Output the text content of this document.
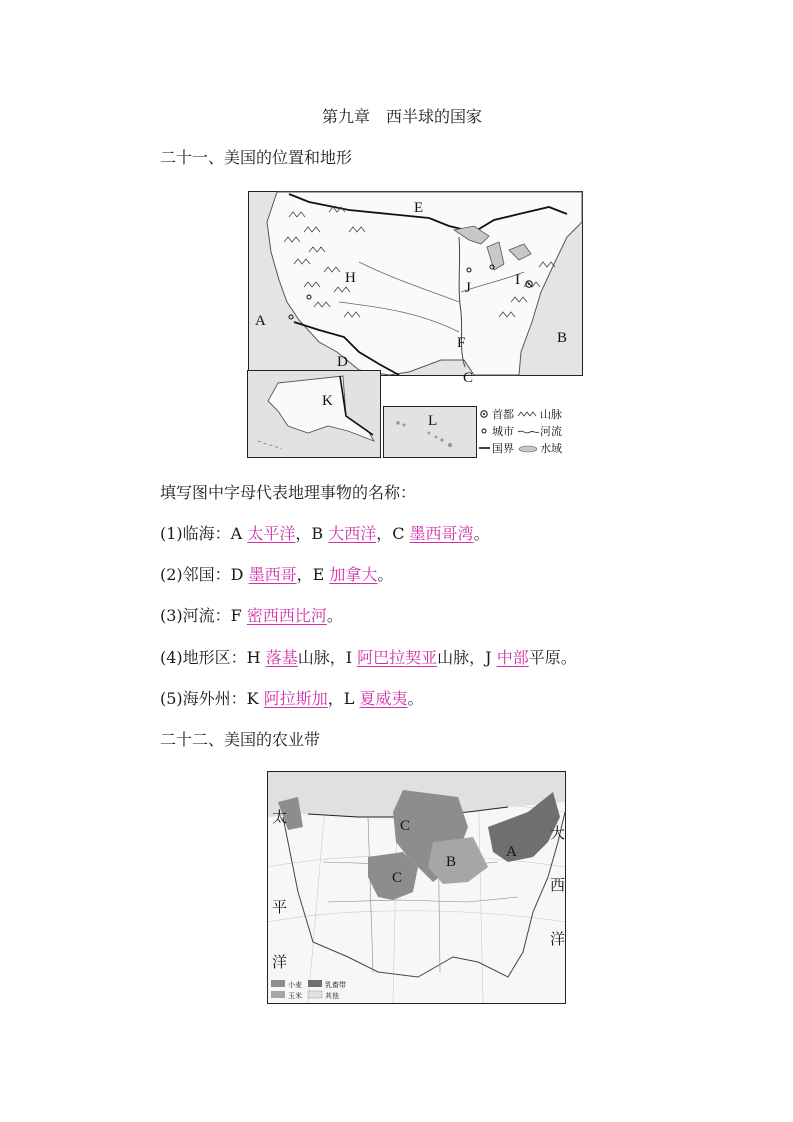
第九章　西半球的国家
二十一、美国的位置和地形
E
H
J	I
A
B
F
D
C
K
L	首都 山脉
城市 河流
国界 水域
填写图中字母代表地理事物的名称：
(1)临海：A 太平洋，B 大西洋，C 墨西哥湾。
(2)邻国：D 墨西哥，E 加拿大。
(3)河流：F 密西西比河。
(4)地形区：H 落基山脉，I 阿巴拉契亚山脉，J 中部平原。
(5)海外州：K 阿拉斯加，L 夏威夷。
二十二、美国的农业带
C
B
A
C
大
西
洋
太
平
洋
小麦	乳畜带
玉米	其他
